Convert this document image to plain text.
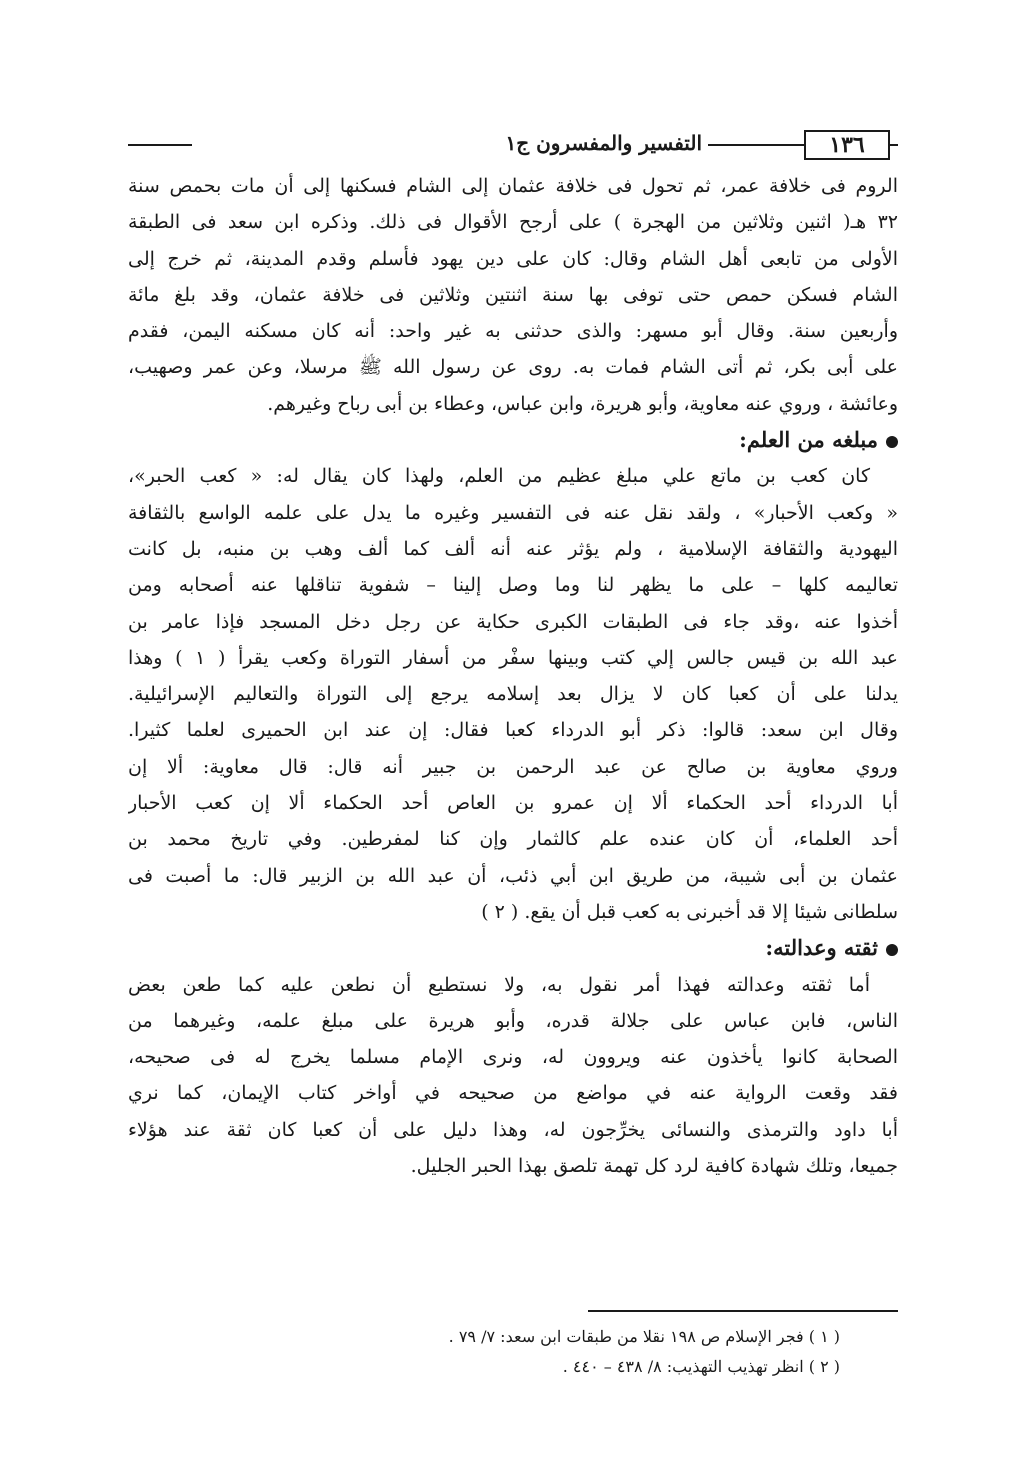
١٣٦
التفسير والمفسرون ج١
الروم فى خلافة عمر، ثم تحول فى خلافة عثمان إلى الشام فسكنها إلى أن مات بحمص سنة
٣٢ هـ( اثنين وثلاثين من الهجرة ) على أرجح الأقوال فى ذلك. وذكره ابن سعد فى الطبقة
الأولى من تابعى أهل الشام وقال: كان على دين يهود فأسلم وقدم المدينة، ثم خرج إلى
الشام فسكن حمص حتى توفى بها سنة اثنتين وثلاثين فى خلافة عثمان، وقد بلغ مائة
وأربعين سنة. وقال أبو مسهر: والذى حدثنى به غير واحد: أنه كان مسكنه اليمن، فقدم
على أبى بكر، ثم أتى الشام فمات به. روى عن رسول الله ﷺ مرسلا، وعن عمر وصهيب،
وعائشة ، وروي عنه معاوية، وأبو هريرة، وابن عباس، وعطاء بن أبى رباح وغيرهم.
مبلغه من العلم:
كان كعب بن ماتع علي مبلغ عظيم من العلم، ولهذا كان يقال له: « كعب الحبر»،
« وكعب الأحبار» ، ولقد نقل عنه فى التفسير وغيره ما يدل على علمه الواسع بالثقافة
اليهودية والثقافة الإسلامية ، ولم يؤثر عنه أنه ألف كما ألف وهب بن منبه، بل كانت
تعاليمه كلها – على ما يظهر لنا وما وصل إلينا – شفوية تناقلها عنه أصحابه ومن
أخذوا عنه ،وقد جاء فى الطبقات الكبرى حكاية عن رجل دخل المسجد فإذا عامر بن
عبد الله بن قيس جالس إلي كتب وبينها سفْر من أسفار التوراة وكعب يقرأ ( ١ ) وهذا
يدلنا على أن كعبا كان لا يزال بعد إسلامه يرجع إلى التوراة والتعاليم الإسرائيلية.
وقال ابن سعد: قالوا: ذكر أبو الدرداء كعبا فقال: إن عند ابن الحميرى لعلما كثيرا.
وروي معاوية بن صالح عن عبد الرحمن بن جبير أنه قال: قال معاوية: ألا إن
أبا الدرداء أحد الحكماء ألا إن عمرو بن العاص أحد الحكماء ألا إن كعب الأحبار
أحد العلماء، أن كان عنده علم كالثمار وإن كنا لمفرطين. وفي تاريخ محمد بن
عثمان بن أبى شيبة، من طريق ابن أبي ذئب، أن عبد الله بن الزبير قال: ما أصبت فى
سلطانى شيئا إلا قد أخبرنى به كعب قبل أن يقع. ( ٢ )
ثقته وعدالته:
أما ثقته وعدالته فهذا أمر نقول به، ولا نستطيع أن نطعن عليه كما طعن بعض
الناس، فابن عباس على جلالة قدره، وأبو هريرة على مبلغ علمه، وغيرهما من
الصحابة كانوا يأخذون عنه ويروون له، ونرى الإمام مسلما يخرج له فى صحيحه،
فقد وقعت الرواية عنه في مواضع من صحيحه في أواخر كتاب الإيمان، كما نري
أبا داود والترمذى والنسائى يخرِّجون له، وهذا دليل على أن كعبا كان ثقة عند هؤلاء
جميعا، وتلك شهادة كافية لرد كل تهمة تلصق بهذا الحبر الجليل.
( ١ ) فجر الإسلام ص ١٩٨ نقلا من طبقات ابن سعد: ٧/ ٧٩ .
( ٢ ) انظر تهذيب التهذيب: ٨/ ٤٣٨ – ٤٤٠ .
